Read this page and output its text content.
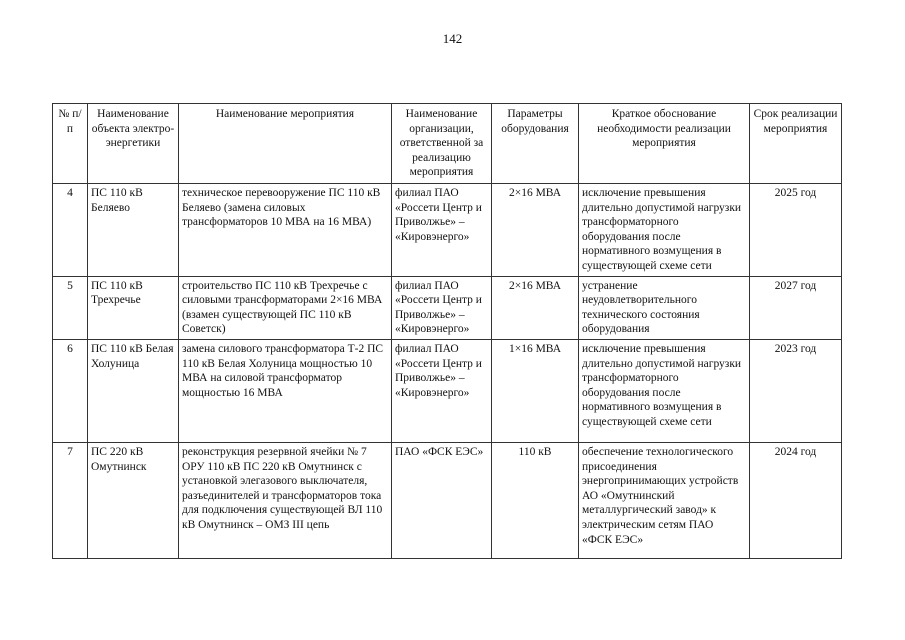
142
№ п/п	Наименование объекта электро-энергетики	Наименование мероприятия	Наименование организации, ответственной за реализацию мероприятия	Параметры оборудования	Краткое обоснование необходимости реализации мероприятия	Срок реализации мероприятия
4	ПС 110 кВ Беляево	техническое перевооружение ПС 110 кВ Беляево (замена силовых трансформаторов 10 МВА на 16 МВА)	филиал ПАО «Россети Центр и Приволжье» – «Кировэнерго»	2×16 МВА	исключение превышения длительно допустимой нагрузки трансформаторного оборудования после нормативного возмущения в существующей схеме сети	2025 год
5	ПС 110 кВ Трехречье	строительство ПС 110 кВ Трехречье с силовыми трансформаторами 2×16 МВА (взамен существующей ПС 110 кВ Советск)	филиал ПАО «Россети Центр и Приволжье» – «Кировэнерго»	2×16 МВА	устранение неудовлетворительного технического состояния оборудования	2027 год
6	ПС 110 кВ Белая Холуница	замена силового трансформатора Т-2 ПС 110 кВ Белая Холуница мощностью 10 МВА на силовой трансформатор мощностью 16 МВА	филиал ПАО «Россети Центр и Приволжье» – «Кировэнерго»	1×16 МВА	исключение превышения длительно допустимой нагрузки трансформаторного оборудования после нормативного возмущения в существующей схеме сети	2023 год
7	ПС 220 кВ Омутнинск	реконструкция резервной ячейки № 7 ОРУ 110 кВ ПС 220 кВ Омутнинск с установкой элегазового выключателя, разъединителей и трансформаторов тока для подключения существующей ВЛ 110 кВ Омутнинск – ОМЗ III цепь	ПАО «ФСК ЕЭС»	110 кВ	обеспечение технологического присоединения энергопринимающих устройств АО «Омутнинский металлургический завод» к электрическим сетям ПАО «ФСК ЕЭС»	2024 год
